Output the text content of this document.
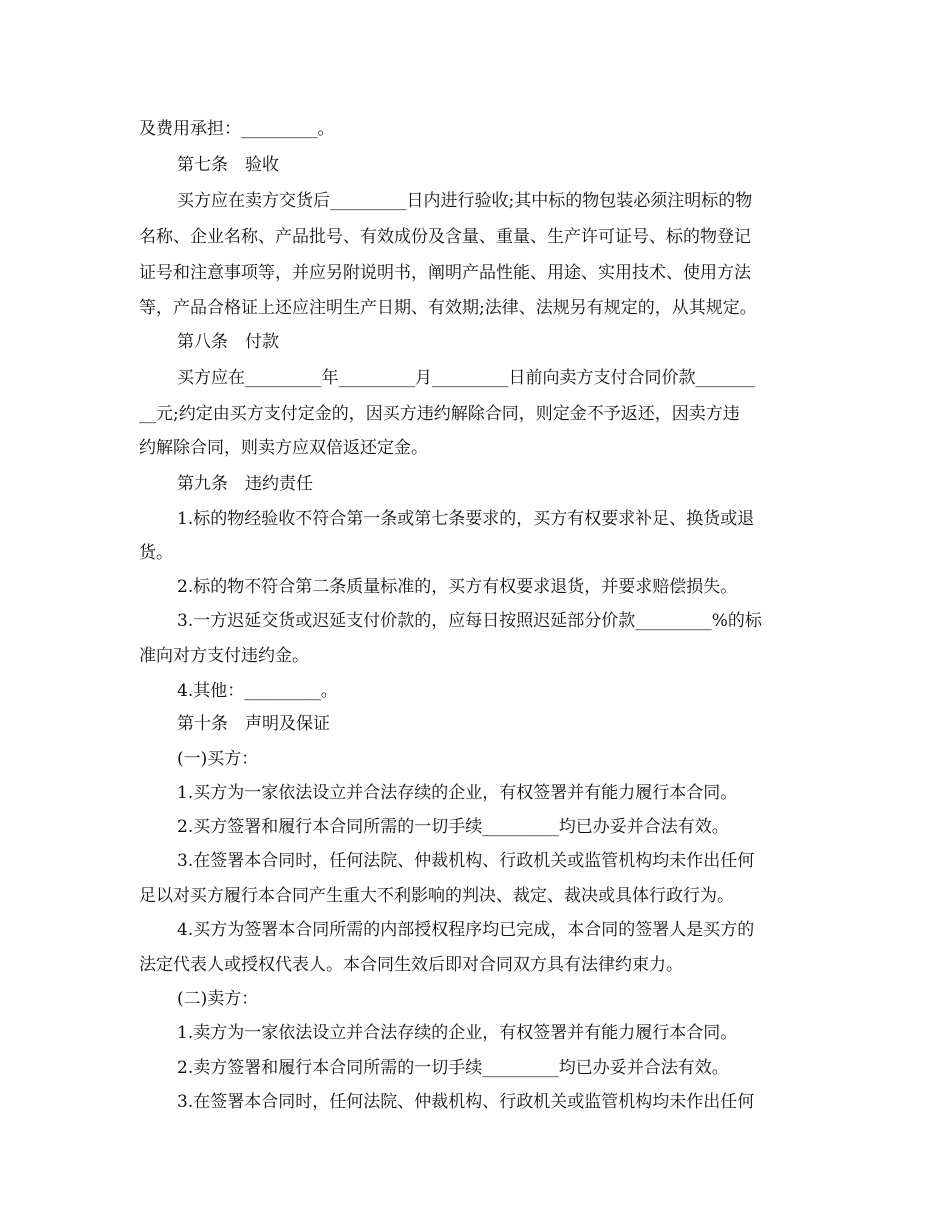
及费用承担：_________。
第七条　验收
买方应在卖方交货后_________日内进行验收;其中标的物包装必须注明标的物
名称、企业名称、产品批号、有效成份及含量、重量、生产许可证号、标的物登记
证号和注意事项等，并应另附说明书，阐明产品性能、用途、实用技术、使用方法
等，产品合格证上还应注明生产日期、有效期;法律、法规另有规定的，从其规定。
第八条　付款
买方应在_________年_________月_________日前向卖方支付合同价款_______
__元;约定由买方支付定金的，因买方违约解除合同，则定金不予返还，因卖方违
约解除合同，则卖方应双倍返还定金。
第九条　违约责任
1.标的物经验收不符合第一条或第七条要求的，买方有权要求补足、换货或退
货。
2.标的物不符合第二条质量标准的，买方有权要求退货，并要求赔偿损失。
3.一方迟延交货或迟延支付价款的，应每日按照迟延部分价款_________%的标
准向对方支付违约金。
4.其他：_________。
第十条　声明及保证
(一)买方：
1.买方为一家依法设立并合法存续的企业，有权签署并有能力履行本合同。
2.买方签署和履行本合同所需的一切手续_________均已办妥并合法有效。
3.在签署本合同时，任何法院、仲裁机构、行政机关或监管机构均未作出任何
足以对买方履行本合同产生重大不利影响的判决、裁定、裁决或具体行政行为。
4.买方为签署本合同所需的内部授权程序均已完成，本合同的签署人是买方的
法定代表人或授权代表人。本合同生效后即对合同双方具有法律约束力。
(二)卖方：
1.卖方为一家依法设立并合法存续的企业，有权签署并有能力履行本合同。
2.卖方签署和履行本合同所需的一切手续_________均已办妥并合法有效。
3.在签署本合同时，任何法院、仲裁机构、行政机关或监管机构均未作出任何
